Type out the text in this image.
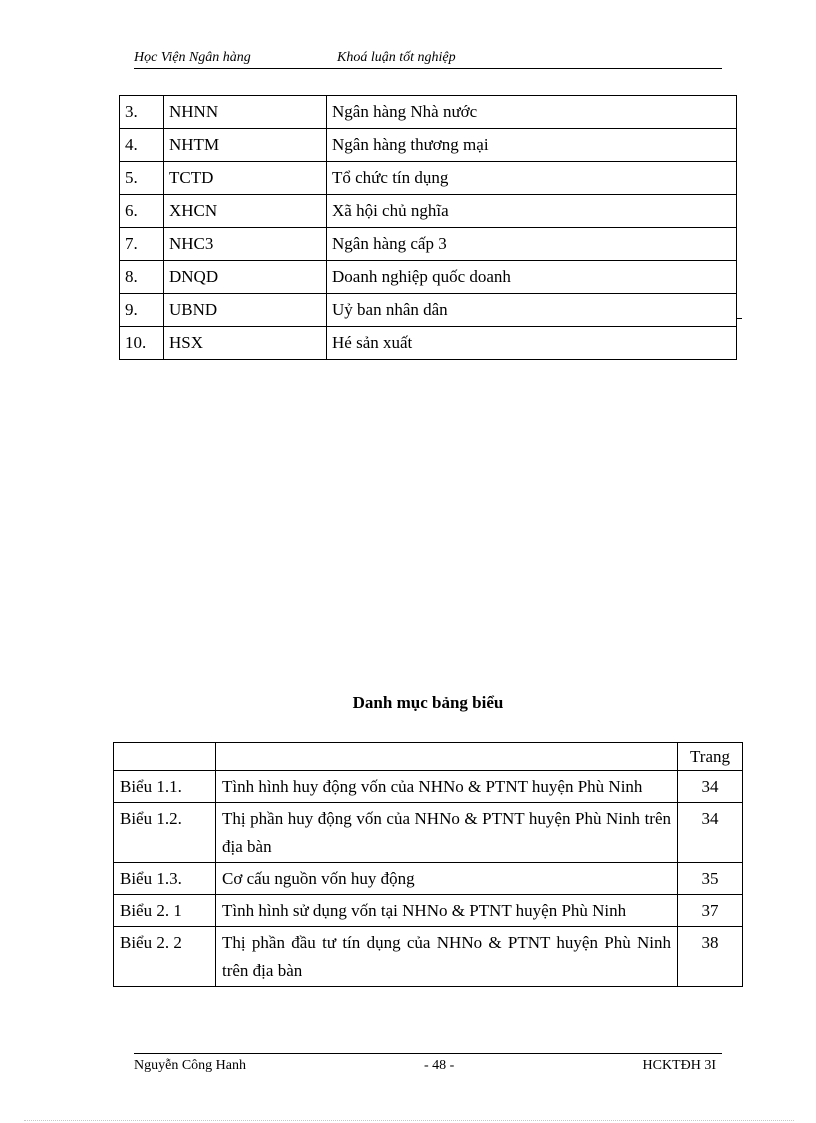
Học Viện Ngân hàng	Khoá luận tốt nghiệp
3.	NHNN	Ngân hàng Nhà nước
4.	NHTM	Ngân hàng thương mại
5.	TCTD	Tổ chức tín dụng
6.	XHCN	Xã hội chủ nghĩa
7.	NHC3	Ngân hàng cấp 3
8.	DNQD	Doanh nghiệp quốc doanh
9.	UBND	Uỷ ban nhân dân
10.	HSX	Hé sản xuất
Danh mục bảng biểu
		Trang
Biểu 1.1.	Tình hình huy động vốn của NHNo & PTNT huyện Phù Ninh	34
Biểu 1.2.	Thị phần huy động vốn của NHNo & PTNT huyện Phù Ninh trên địa bàn	34
Biểu 1.3.	Cơ cấu nguồn vốn huy động	35
Biểu 2. 1	Tình hình sử dụng vốn tại NHNo & PTNT huyện Phù Ninh	37
Biểu 2. 2	Thị phần đầu tư tín dụng của NHNo & PTNT huyện Phù Ninh trên địa bàn	38
Nguyễn Công Hanh	- 48 -	HCKTĐH 3I
